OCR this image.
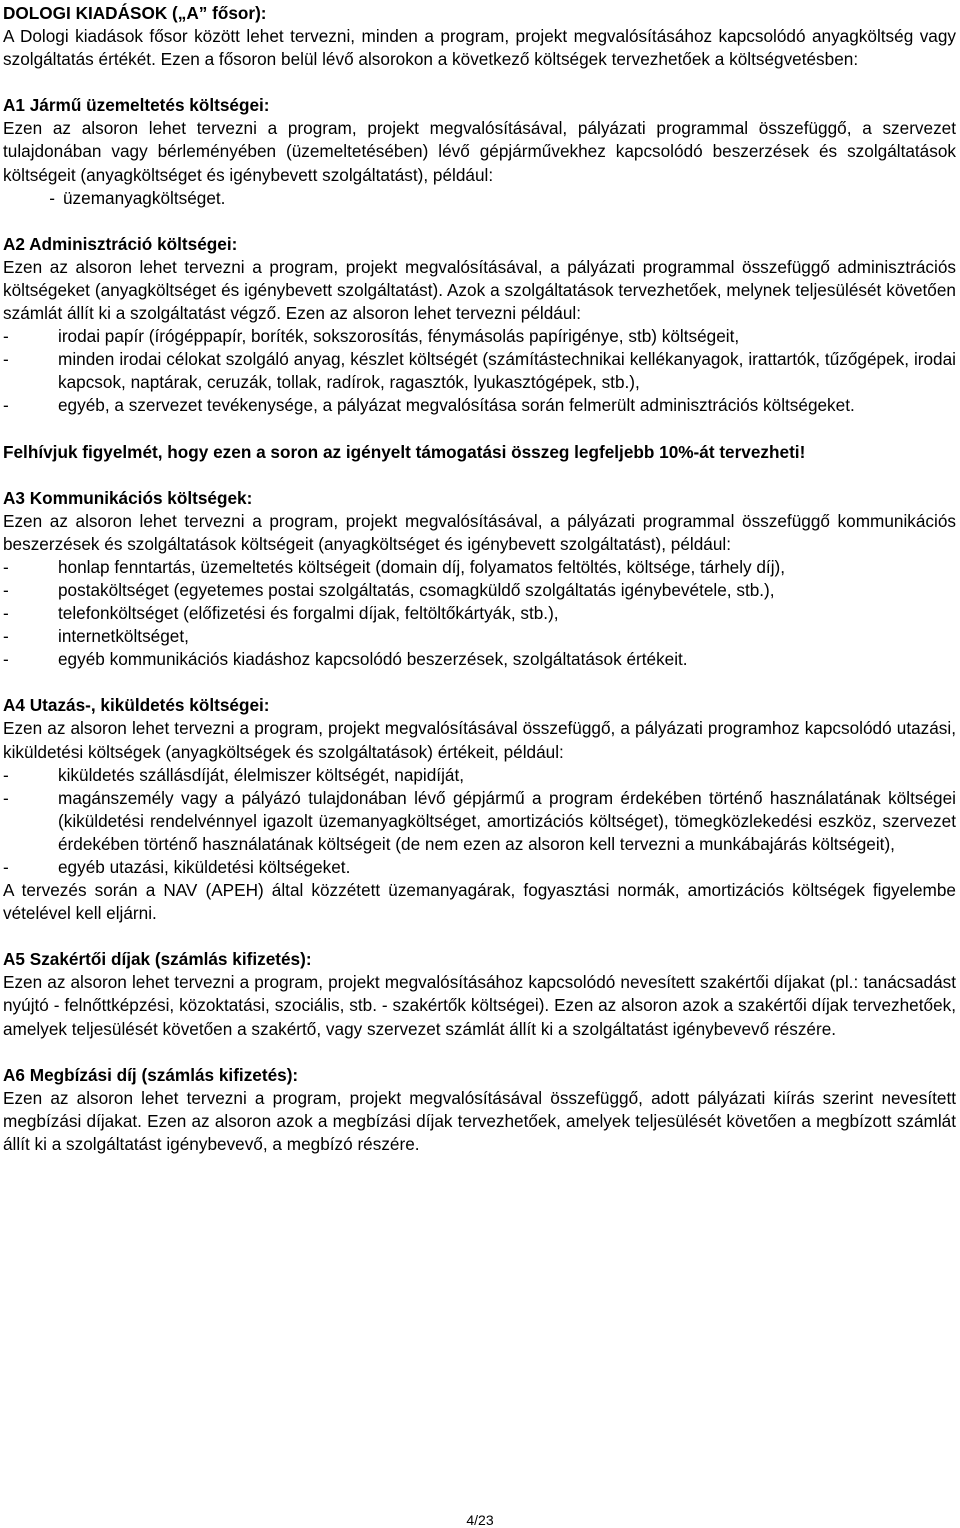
DOLOGI KIADÁSOK („A” fősor):

A Dologi kiadások fősor között lehet tervezni, minden a program, projekt megvalósításához kapcsolódó anyagköltség vagy szolgáltatás értékét. Ezen a fősoron belül lévő alsorokon a következő költségek tervezhetőek a költségvetésben:

A1 Jármű üzemeltetés költségei:

Ezen az alsoron lehet tervezni a program, projekt megvalósításával, pályázati programmal összefüggő, a szervezet tulajdonában vagy bérleményében (üzemeltetésében) lévő gépjárművekhez kapcsolódó beszerzések és szolgáltatások költségeit (anyagköltséget és igénybevett szolgáltatást), például:

- üzemanyagköltséget.

A2 Adminisztráció költségei:

Ezen az alsoron lehet tervezni a program, projekt megvalósításával, a pályázati programmal összefüggő adminisztrációs költségeket (anyagköltséget és igénybevett szolgáltatást). Azok a szolgáltatások tervezhetőek, melynek teljesülését követően számlát állít ki a szolgáltatást végző. Ezen az alsoron lehet tervezni például:

-	irodai papír (írógéppapír, boríték, sokszorosítás, fénymásolás papírigénye, stb) költségeit,
-	minden irodai célokat szolgáló anyag, készlet költségét (számítástechnikai kellékanyagok, irattartók, tűzőgépek, irodai kapcsok, naptárak, ceruzák, tollak, radírok, ragasztók, lyukasztógépek, stb.),
-	egyéb, a szervezet tevékenysége, a pályázat megvalósítása során felmerült adminisztrációs költségeket.

Felhívjuk figyelmét, hogy ezen a soron az igényelt támogatási összeg legfeljebb 10%-át tervezheti!

A3 Kommunikációs költségek:

Ezen az alsoron lehet tervezni a program, projekt megvalósításával, a pályázati programmal összefüggő kommunikációs beszerzések és szolgáltatások költségeit (anyagköltséget és igénybevett szolgáltatást), például:

-	honlap fenntartás, üzemeltetés költségeit (domain díj, folyamatos feltöltés, költsége, tárhely díj),
-	postaköltséget (egyetemes postai szolgáltatás, csomagküldő szolgáltatás igénybevétele, stb.),
-	telefonköltséget (előfizetési és forgalmi díjak, feltöltőkártyák, stb.),
-	internetköltséget,
-	egyéb kommunikációs kiadáshoz kapcsolódó beszerzések, szolgáltatások értékeit.

A4 Utazás-, kiküldetés költségei:

Ezen az alsoron lehet tervezni a program, projekt megvalósításával összefüggő, a pályázati programhoz kapcsolódó utazási, kiküldetési költségek (anyagköltségek és szolgáltatások) értékeit, például:

-	kiküldetés szállásdíját, élelmiszer költségét, napidíját,
-	magánszemély vagy a pályázó tulajdonában lévő gépjármű a program érdekében történő használatának költségei (kiküldetési rendelvénnyel igazolt üzemanyagköltséget, amortizációs költséget), tömegközlekedési eszköz, szervezet érdekében történő használatának költségeit (de nem ezen az alsoron kell tervezni a munkábajárás költségeit),
-	egyéb utazási, kiküldetési költségeket.

A tervezés során a NAV (APEH) által közzétett üzemanyagárak, fogyasztási normák, amortizációs költségek figyelembe vételével kell eljárni.

A5 Szakértői díjak (számlás kifizetés):

Ezen az alsoron lehet tervezni a program, projekt megvalósításához kapcsolódó nevesített szakértői díjakat (pl.: tanácsadást nyújtó - felnőttképzési, közoktatási, szociális, stb. - szakértők költségei). Ezen az alsoron azok a szakértői díjak tervezhetőek, amelyek teljesülését követően a szakértő, vagy szervezet számlát állít ki a szolgáltatást igénybevevő részére.

A6 Megbízási díj (számlás kifizetés):

Ezen az alsoron lehet tervezni a program, projekt megvalósításával összefüggő, adott pályázati kiírás szerint nevesített megbízási díjakat. Ezen az alsoron azok a megbízási díjak tervezhetőek, amelyek teljesülését követően a megbízott számlát állít ki a szolgáltatást igénybevevő, a megbízó részére.

4/23
